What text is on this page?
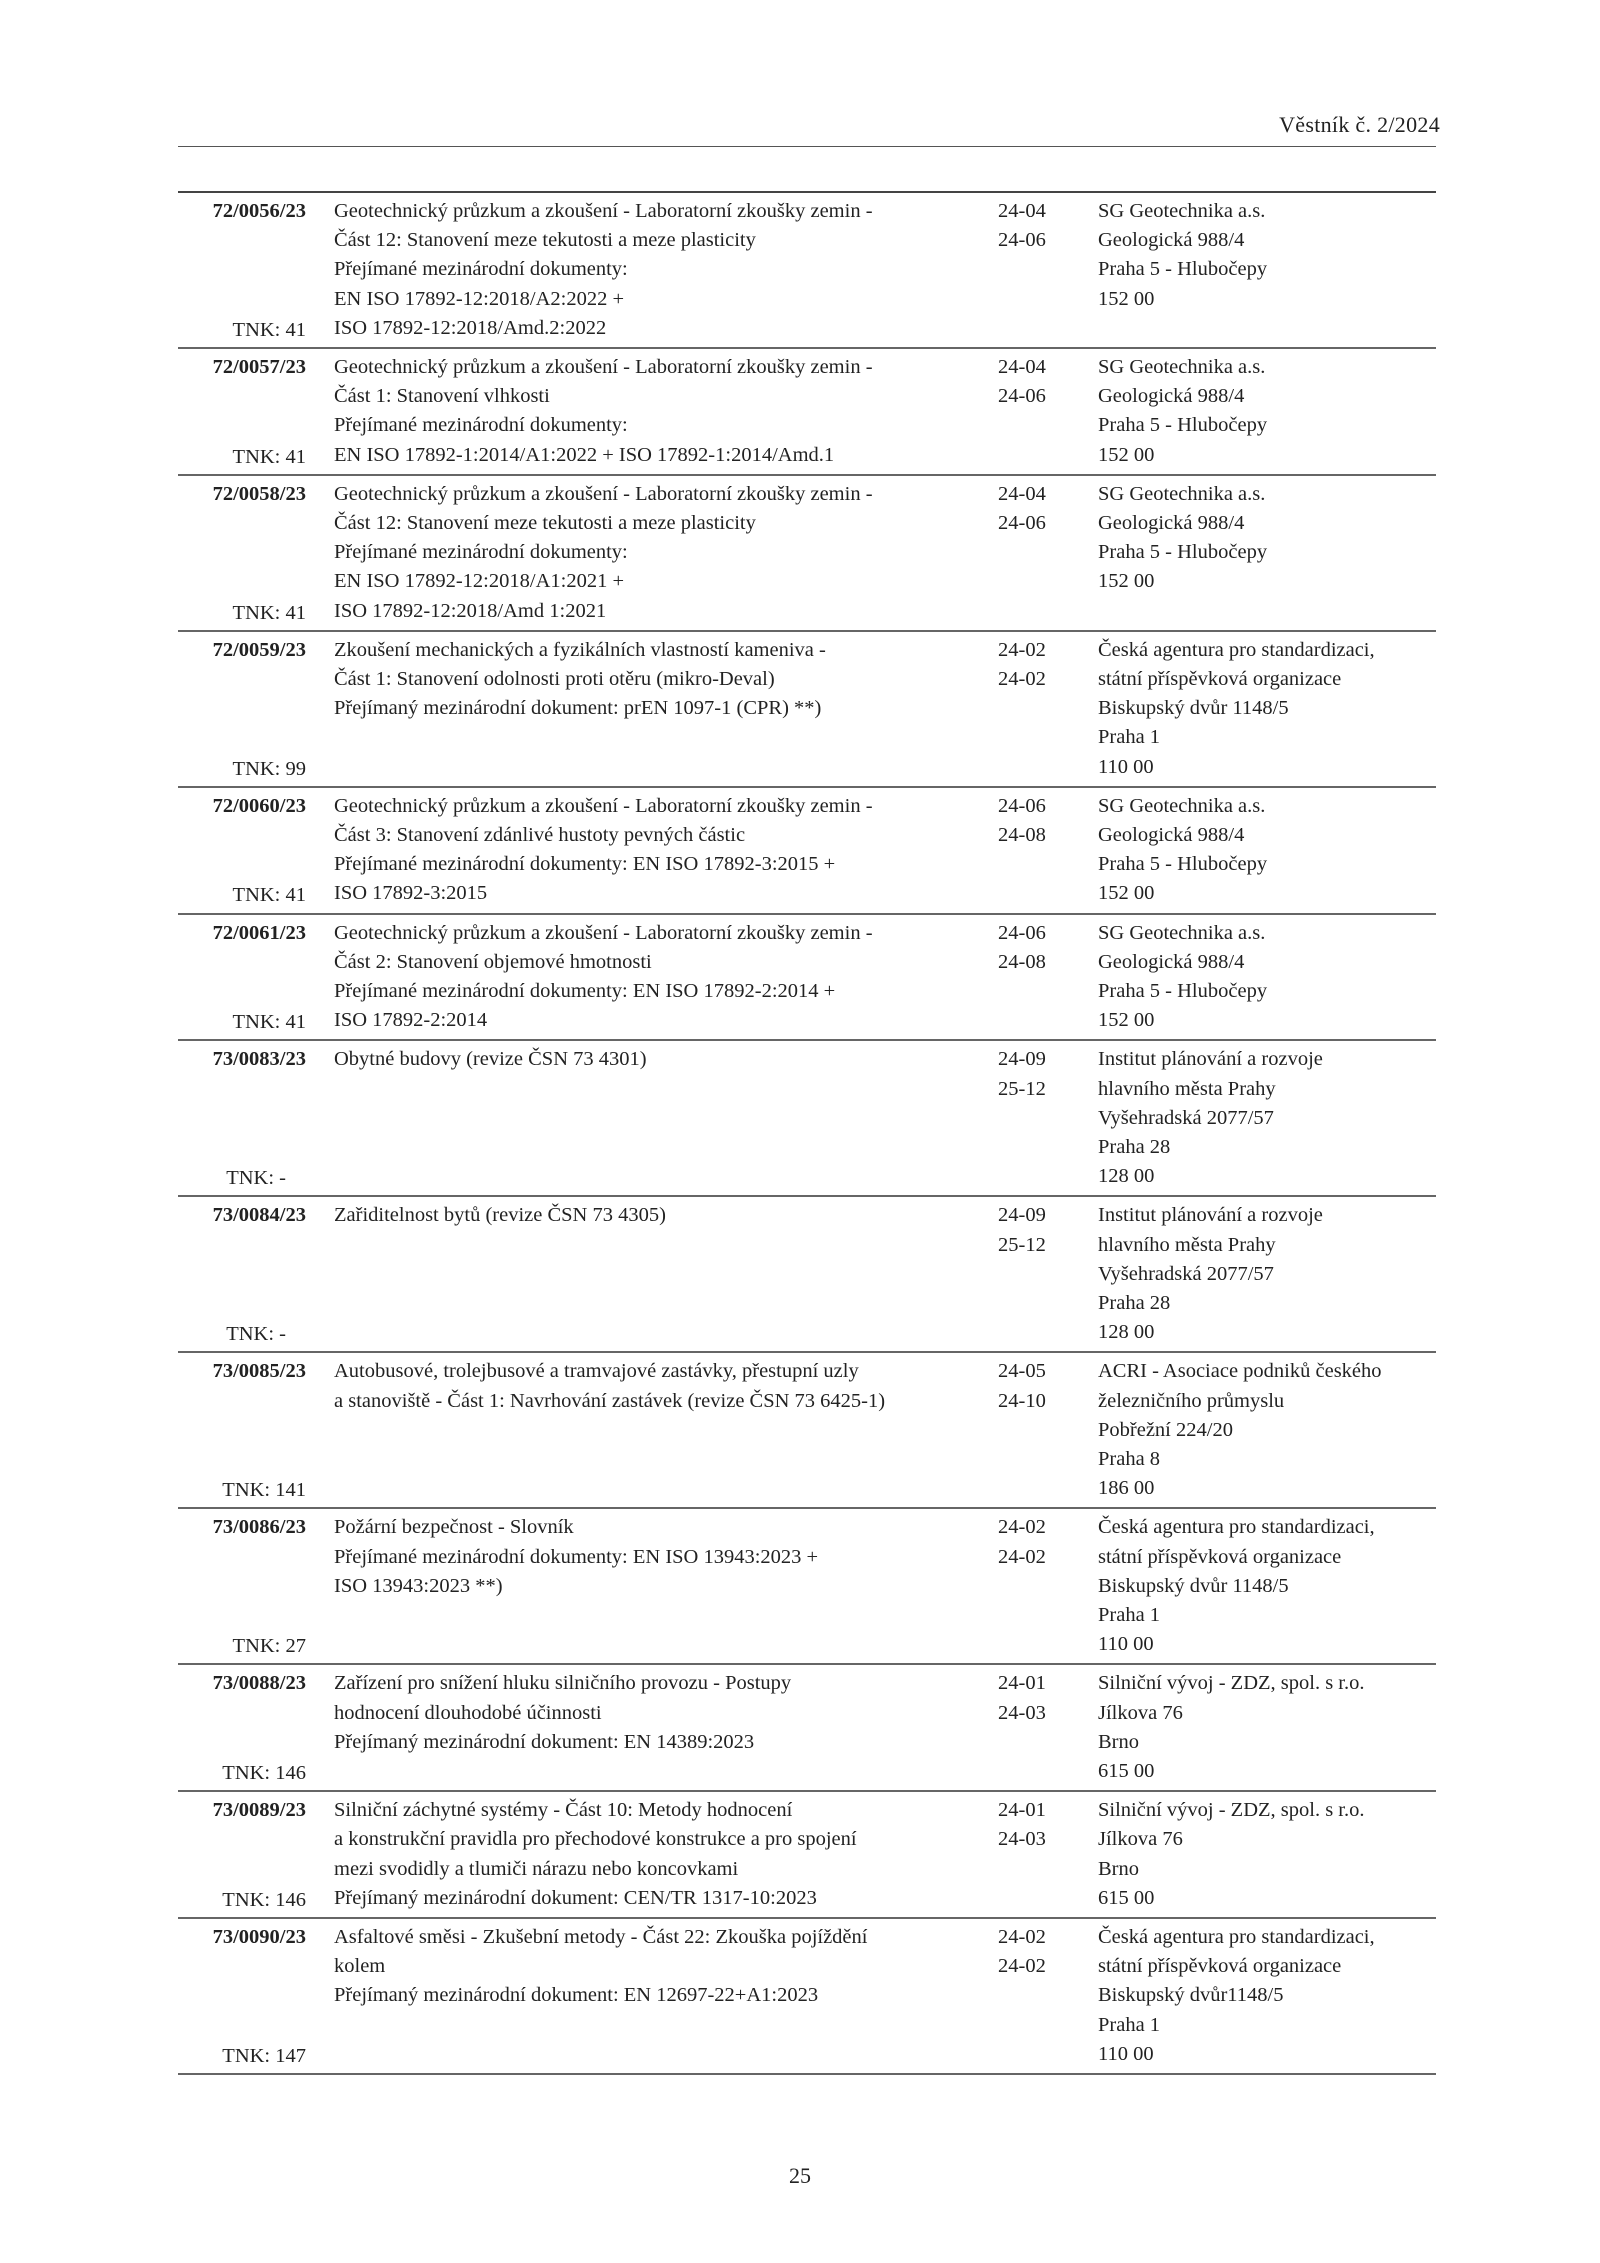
Věstník č. 2/2024
72/0056/23 Geotechnický průzkum a zkoušení - Laboratorní zkoušky zemin -
Část 12: Stanovení meze tekutosti a meze plasticity
Přejímané mezinárodní dokumenty:
EN ISO 17892-12:2018/A2:2022 +
ISO 17892-12:2018/Amd.2:2022
24-04
24-06
SG Geotechnika a.s.
Geologická 988/4
Praha 5 - Hlubočepy
152 00
TNK: 41
72/0057/23 Geotechnický průzkum a zkoušení - Laboratorní zkoušky zemin -
Část 1: Stanovení vlhkosti
Přejímané mezinárodní dokumenty:
EN ISO 17892-1:2014/A1:2022 + ISO 17892-1:2014/Amd.1
24-04
24-06
SG Geotechnika a.s.
Geologická 988/4
Praha 5 - Hlubočepy
152 00
TNK: 41
72/0058/23 Geotechnický průzkum a zkoušení - Laboratorní zkoušky zemin -
Část 12: Stanovení meze tekutosti a meze plasticity
Přejímané mezinárodní dokumenty:
EN ISO 17892-12:2018/A1:2021 +
ISO 17892-12:2018/Amd 1:2021
24-04
24-06
SG Geotechnika a.s.
Geologická 988/4
Praha 5 - Hlubočepy
152 00
TNK: 41
72/0059/23 Zkoušení mechanických a fyzikálních vlastností kameniva -
Část 1: Stanovení odolnosti proti otěru (mikro-Deval)
Přejímaný mezinárodní dokument: prEN 1097-1 (CPR) **)
24-02
24-02
Česká agentura pro standardizaci,
státní příspěvková organizace
Biskupský dvůr 1148/5
Praha 1
110 00
TNK: 99
72/0060/23 Geotechnický průzkum a zkoušení - Laboratorní zkoušky zemin -
Část 3: Stanovení zdánlivé hustoty pevných částic
Přejímané mezinárodní dokumenty: EN ISO 17892-3:2015 +
ISO 17892-3:2015
24-06
24-08
SG Geotechnika a.s.
Geologická 988/4
Praha 5 - Hlubočepy
152 00
TNK: 41
72/0061/23 Geotechnický průzkum a zkoušení - Laboratorní zkoušky zemin -
Část 2: Stanovení objemové hmotnosti
Přejímané mezinárodní dokumenty: EN ISO 17892-2:2014 +
ISO 17892-2:2014
24-06
24-08
SG Geotechnika a.s.
Geologická 988/4
Praha 5 - Hlubočepy
152 00
TNK: 41
73/0083/23 Obytné budovy (revize ČSN 73 4301)	24-09
25-12
Institut plánování a rozvoje
hlavního města Prahy
Vyšehradská 2077/57
Praha 28
128 00
TNK: -
73/0084/23 Zařiditelnost bytů (revize ČSN 73 4305)	24-09
25-12
Institut plánování a rozvoje
hlavního města Prahy
Vyšehradská 2077/57
Praha 28
128 00
TNK: -
73/0085/23 Autobusové, trolejbusové a tramvajové zastávky, přestupní uzly
a stanoviště - Část 1: Navrhování zastávek (revize ČSN 73 6425-1)
24-05
24-10
ACRI - Asociace podniků českého
železničního průmyslu
Pobřežní 224/20
Praha 8
186 00
TNK: 141
73/0086/23 Požární bezpečnost - Slovník
Přejímané mezinárodní dokumenty: EN ISO 13943:2023 +
ISO 13943:2023 **)
24-02
24-02
Česká agentura pro standardizaci,
státní příspěvková organizace
Biskupský dvůr 1148/5
Praha 1
110 00
TNK: 27
73/0088/23 Zařízení pro snížení hluku silničního provozu - Postupy
hodnocení dlouhodobé účinnosti
Přejímaný mezinárodní dokument: EN 14389:2023
24-01
24-03
Silniční vývoj - ZDZ, spol. s r.o.
Jílkova 76
Brno
615 00
TNK: 146
73/0089/23 Silniční záchytné systémy - Část 10: Metody hodnocení
a konstrukční pravidla pro přechodové konstrukce a pro spojení
mezi svodidly a tlumiči nárazu nebo koncovkami
Přejímaný mezinárodní dokument: CEN/TR 1317-10:2023
24-01
24-03
Silniční vývoj - ZDZ, spol. s r.o.
Jílkova 76
Brno
615 00
TNK: 146
73/0090/23 Asfaltové směsi - Zkušební metody - Část 22: Zkouška pojíždění
kolem
Přejímaný mezinárodní dokument: EN 12697-22+A1:2023
24-02
24-02
Česká agentura pro standardizaci,
státní příspěvková organizace
Biskupský dvůr1148/5
Praha 1
110 00
TNK: 147
25
